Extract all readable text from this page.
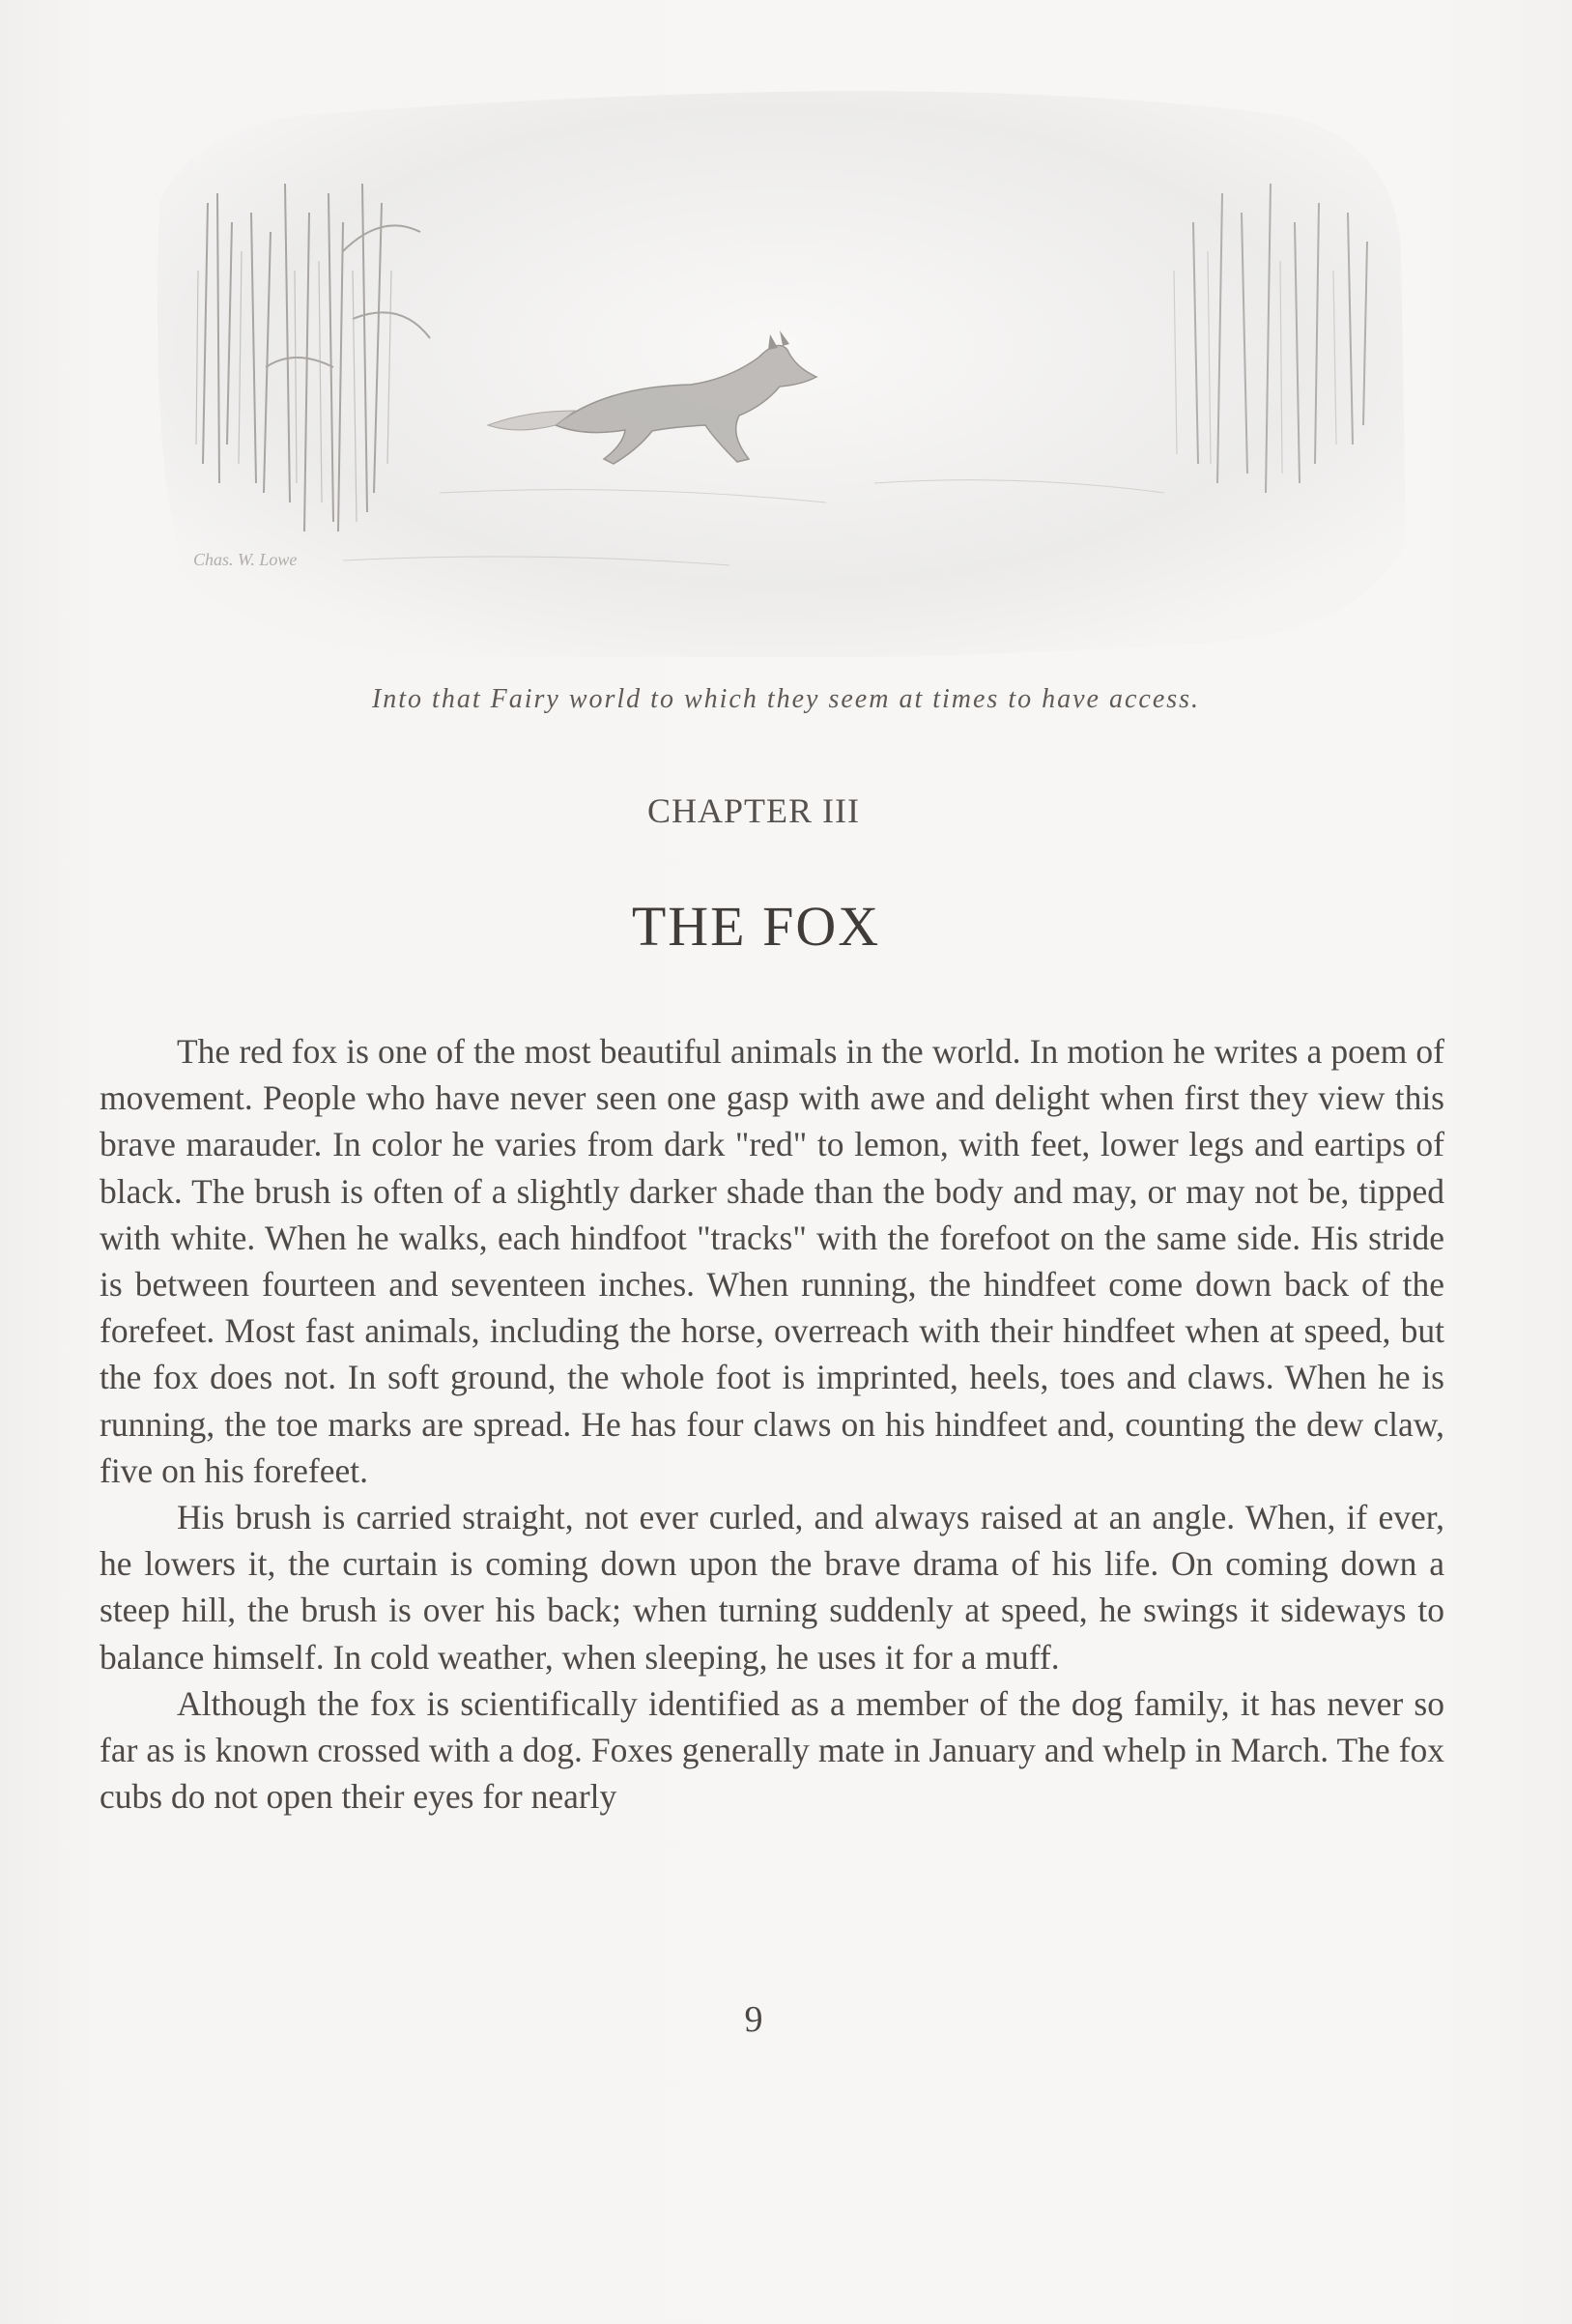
Chas. W. Lowe
Into that Fairy world to which they seem at times to have access.
CHAPTER III
THE FOX

The red fox is one of the most beautiful animals in the world. In motion he writes a poem of movement. People who have never seen one gasp with awe and delight when first they view this brave marauder. In color he varies from dark "red" to lemon, with feet, lower legs and eartips of black. The brush is often of a slightly darker shade than the body and may, or may not be, tipped with white. When he walks, each hindfoot "tracks" with the forefoot on the same side. His stride is between fourteen and seventeen inches. When running, the hindfeet come down back of the forefeet. Most fast animals, including the horse, overreach with their hindfeet when at speed, but the fox does not. In soft ground, the whole foot is imprinted, heels, toes and claws. When he is running, the toe marks are spread. He has four claws on his hindfeet and, counting the dew claw, five on his forefeet.

His brush is carried straight, not ever curled, and always raised at an angle. When, if ever, he lowers it, the curtain is coming down upon the brave drama of his life. On coming down a steep hill, the brush is over his back; when turning suddenly at speed, he swings it sideways to balance himself. In cold weather, when sleeping, he uses it for a muff.

Although the fox is scientifically identified as a member of the dog family, it has never so far as is known crossed with a dog. Foxes generally mate in January and whelp in March. The fox cubs do not open their eyes for nearly

9
